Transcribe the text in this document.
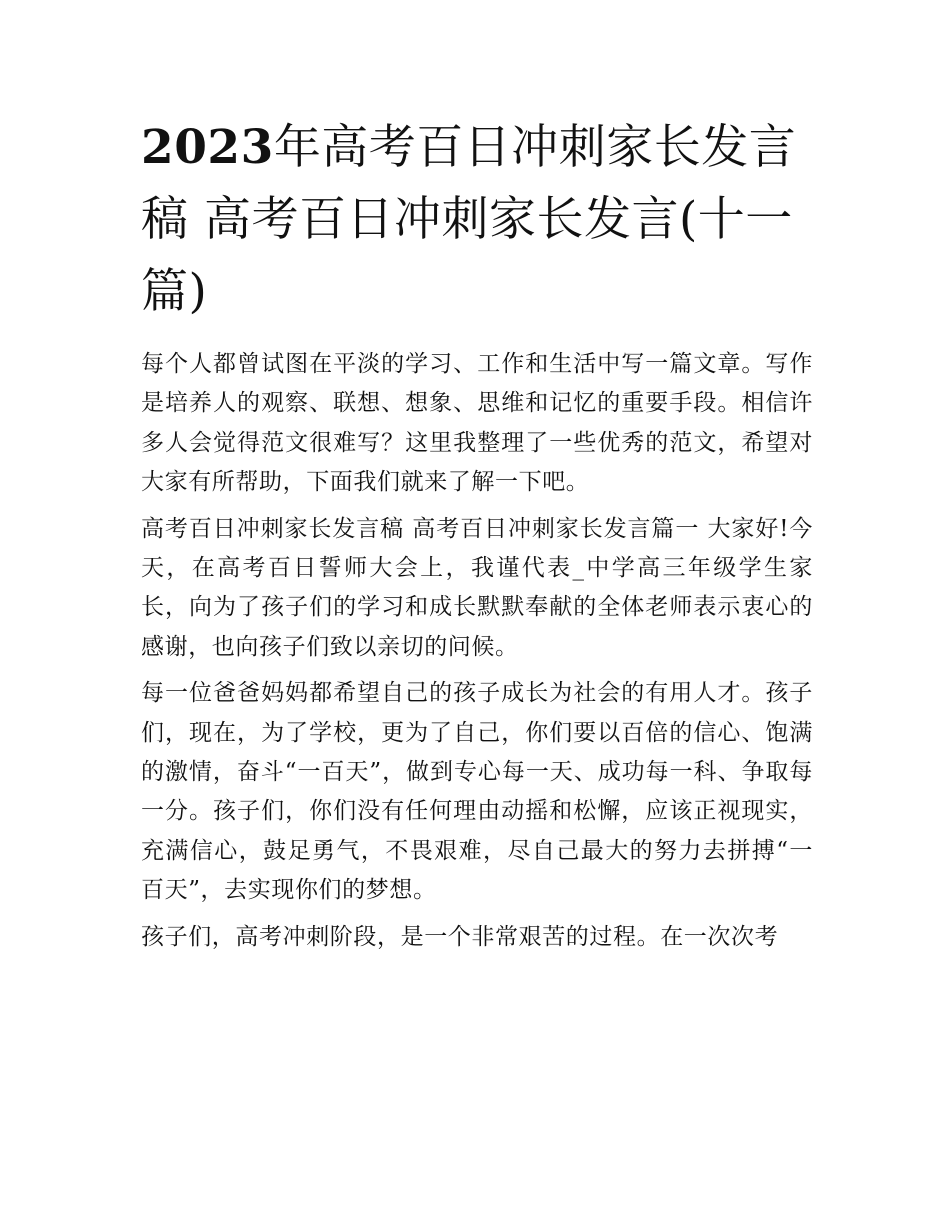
2023年高考百日冲刺家长发言稿 高考百日冲刺家长发言(十一篇)

每个人都曾试图在平淡的学习、工作和生活中写一篇文章。写作是培养人的观察、联想、想象、思维和记忆的重要手段。相信许多人会觉得范文很难写？这里我整理了一些优秀的范文，希望对大家有所帮助，下面我们就来了解一下吧。

高考百日冲刺家长发言稿 高考百日冲刺家长发言篇一 大家好!今天，在高考百日誓师大会上，我谨代表_中学高三年级学生家长，向为了孩子们的学习和成长默默奉献的全体老师表示衷心的感谢，也向孩子们致以亲切的问候。

每一位爸爸妈妈都希望自己的孩子成长为社会的有用人才。孩子们，现在，为了学校，更为了自己，你们要以百倍的信心、饱满的激情，奋斗“一百天”，做到专心每一天、成功每一科、争取每一分。孩子们，你们没有任何理由动摇和松懈，应该正视现实，充满信心，鼓足勇气，不畏艰难，尽自己最大的努力去拼搏“一百天”，去实现你们的梦想。

孩子们，高考冲刺阶段，是一个非常艰苦的过程。在一次次考
